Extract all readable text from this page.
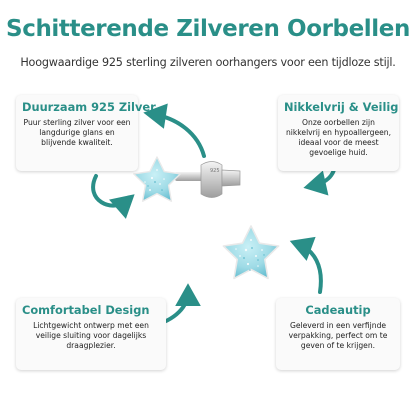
Schitterende Zilveren Oorbellen

Hoogwaardige 925 sterling zilveren oorhangers voor een tijdloze stijl.

925
Duurzaam 925 Zilver

Puur sterling zilver voor een langdurige glans en blijvende kwaliteit.

Nikkelvrij & Veilig

Onze oorbellen zijn nikkelvrij en hypoallergeen, ideaal voor de meest gevoelige huid.

Comfortabel Design

Lichtgewicht ontwerp met een veilige sluiting voor dagelijks draagplezier.

Cadeautip

Geleverd in een verfijnde verpakking, perfect om te geven of te krijgen.
